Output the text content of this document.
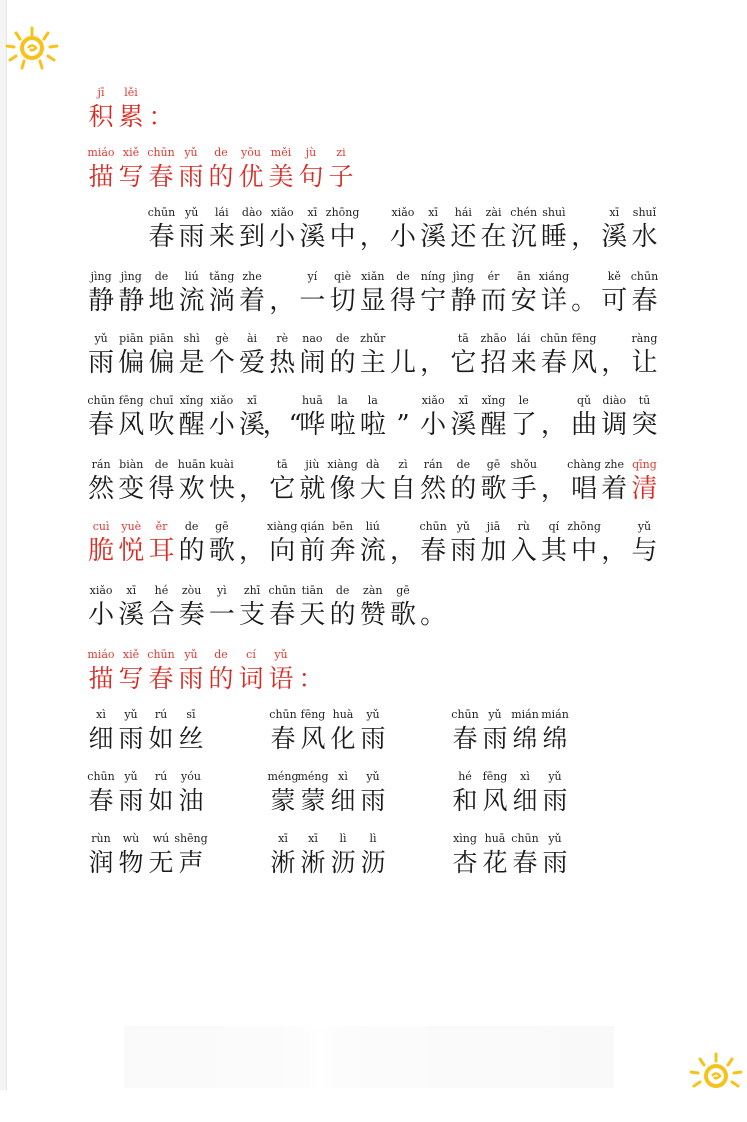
jī
积
lěi
累 ：
miáo
描
xiě
写
chūn
春
yǔ
雨
de
的
yōu
优
měi
美
jù
句
zi
子

chūn
春
yǔ
雨
lái
来
dào
到
xiǎo
小
xī
溪
zhōng
中 ，
xiǎo
小
xī
溪
hái
还
zài
在
chén
沉
shuì
睡 ，
xī
溪
shuǐ
水
jìng
静
jìng
静
de
地
liú
流
tǎng
淌
zhe
着 ，
yí
一
qiè
切
xiǎn
显
de
得
níng
宁
jìng
静
ér
而
ān
安
xiáng
详 。
kě
可
chūn
春
yǔ
雨
piān
偏
piān
偏
shì
是
gè
个
ài
爱
rè
热
nao
闹
de
的
zhǔr
主 儿 ，
tā
它
zhāo
招
lái
来
chūn
春
fēng
风 ，
ràng
让
chūn
春
fēng
风
chuī
吹
xǐng
醒
xiǎo
小
xī
溪
，“
huā
哗
la
啦
la
啦 ”
xiǎo
小
xī
溪
xǐng
醒
le
了 ，
qǔ
曲
diào
调
tū
突
rán
然
biàn
变
de
得
huān
欢
kuài
快 ，
tā
它
jiù
就
xiàng
像
dà
大
zì
自
rán
然
de
的
gē
歌
shǒu
手 ，
chàng
唱
zhe
着
qīng
清
cuì
脆
yuè
悦
ěr
耳
de
的
gē
歌 ，
xiàng
向
qián
前
bēn
奔
liú
流 ，
chūn
春
yǔ
雨
jiā
加
rù
入
qí
其
zhōng
中 ，
yǔ
与
xiǎo
小
xī
溪
hé
合
zòu
奏
yì
一
zhī
支
chūn
春
tiān
天
de
的
zàn
赞
gē
歌 。
miáo
描
xiě
写
chūn
春
yǔ
雨
de
的
cí
词
yǔ
语 ：
xì
细
yǔ
雨
rú
如
sī
丝
chūn
春
fēng
风
huà
化
yǔ
雨
chūn
春
yǔ
雨
mián
绵
mián
绵
chūn
春
yǔ
雨
rú
如
yóu
油
méng
蒙
méng
蒙
xì
细
yǔ
雨
hé
和
fēng
风
xì
细
yǔ
雨
rùn
润
wù
物
wú
无
shēng
声
xī
淅
xī
淅
lì
沥
lì
沥
xìng
杏
huā
花
chūn
春
yǔ
雨
